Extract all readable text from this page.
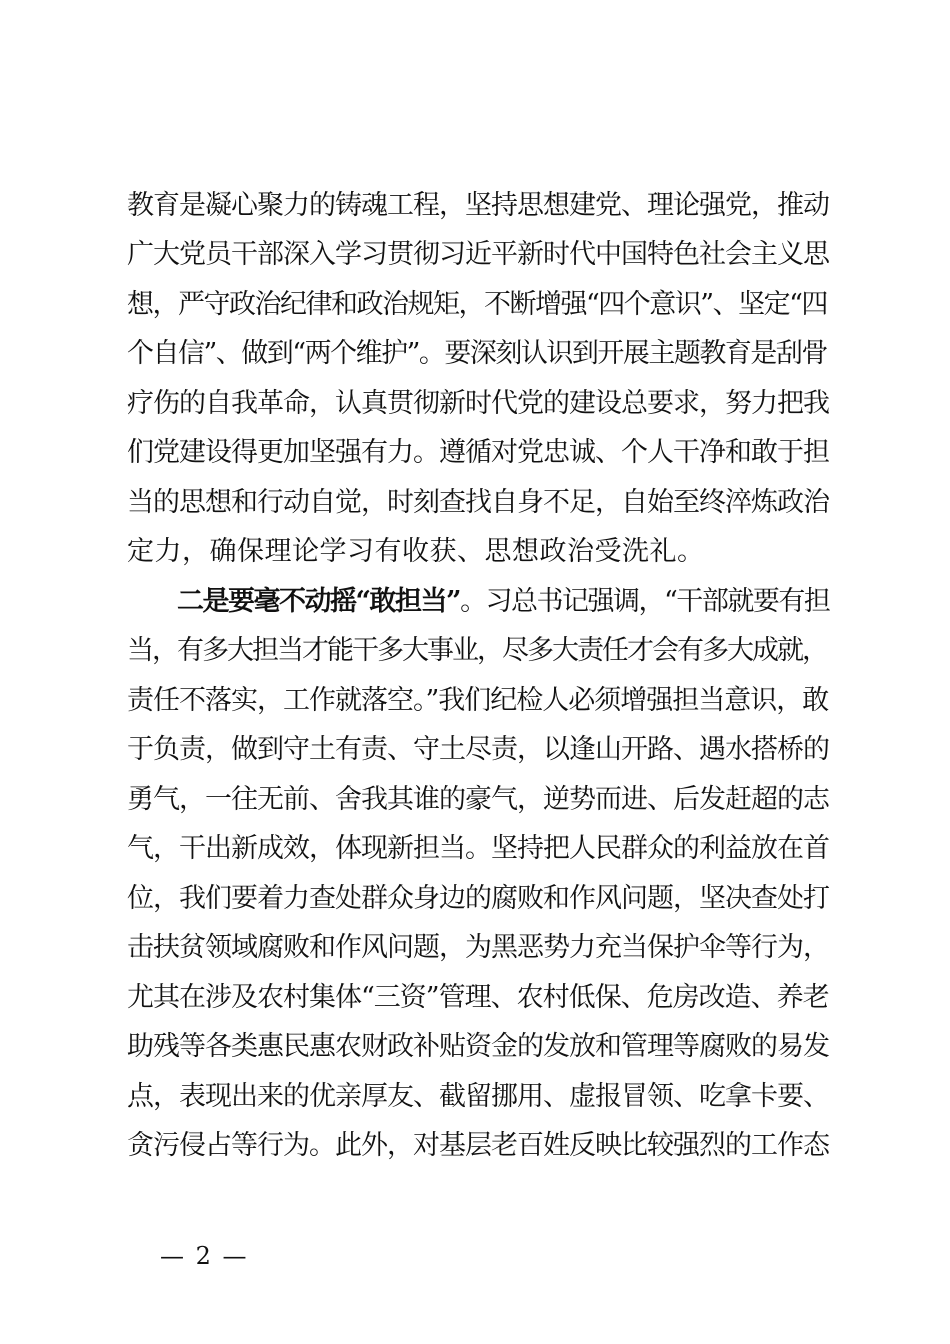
教育是凝心聚力的铸魂工程，坚持思想建党、理论强党，推动
广大党员干部深入学习贯彻习近平新时代中国特色社会主义思
想，严守政治纪律和政治规矩，不断增强“四个意识”、坚定“四
个自信”、做到“两个维护”。要深刻认识到开展主题教育是刮骨
疗伤的自我革命，认真贯彻新时代党的建设总要求，努力把我
们党建设得更加坚强有力。遵循对党忠诚、个人干净和敢于担
当的思想和行动自觉，时刻查找自身不足，自始至终淬炼政治
定力，确保理论学习有收获、思想政治受洗礼。
二是要毫不动摇“敢担当”。习总书记强调，“干部就要有担
当，有多大担当才能干多大事业，尽多大责任才会有多大成就，
责任不落实，工作就落空。”我们纪检人必须增强担当意识，敢
于负责，做到守土有责、守土尽责，以逢山开路、遇水搭桥的
勇气，一往无前、舍我其谁的豪气，逆势而进、后发赶超的志
气，干出新成效，体现新担当。坚持把人民群众的利益放在首
位，我们要着力查处群众身边的腐败和作风问题，坚决查处打
击扶贫领域腐败和作风问题，为黑恶势力充当保护伞等行为，
尤其在涉及农村集体“三资”管理、农村低保、危房改造、养老
助残等各类惠民惠农财政补贴资金的发放和管理等腐败的易发
点，表现出来的优亲厚友、截留挪用、虚报冒领、吃拿卡要、
贪污侵占等行为。此外，对基层老百姓反映比较强烈的工作态
— 2 —
